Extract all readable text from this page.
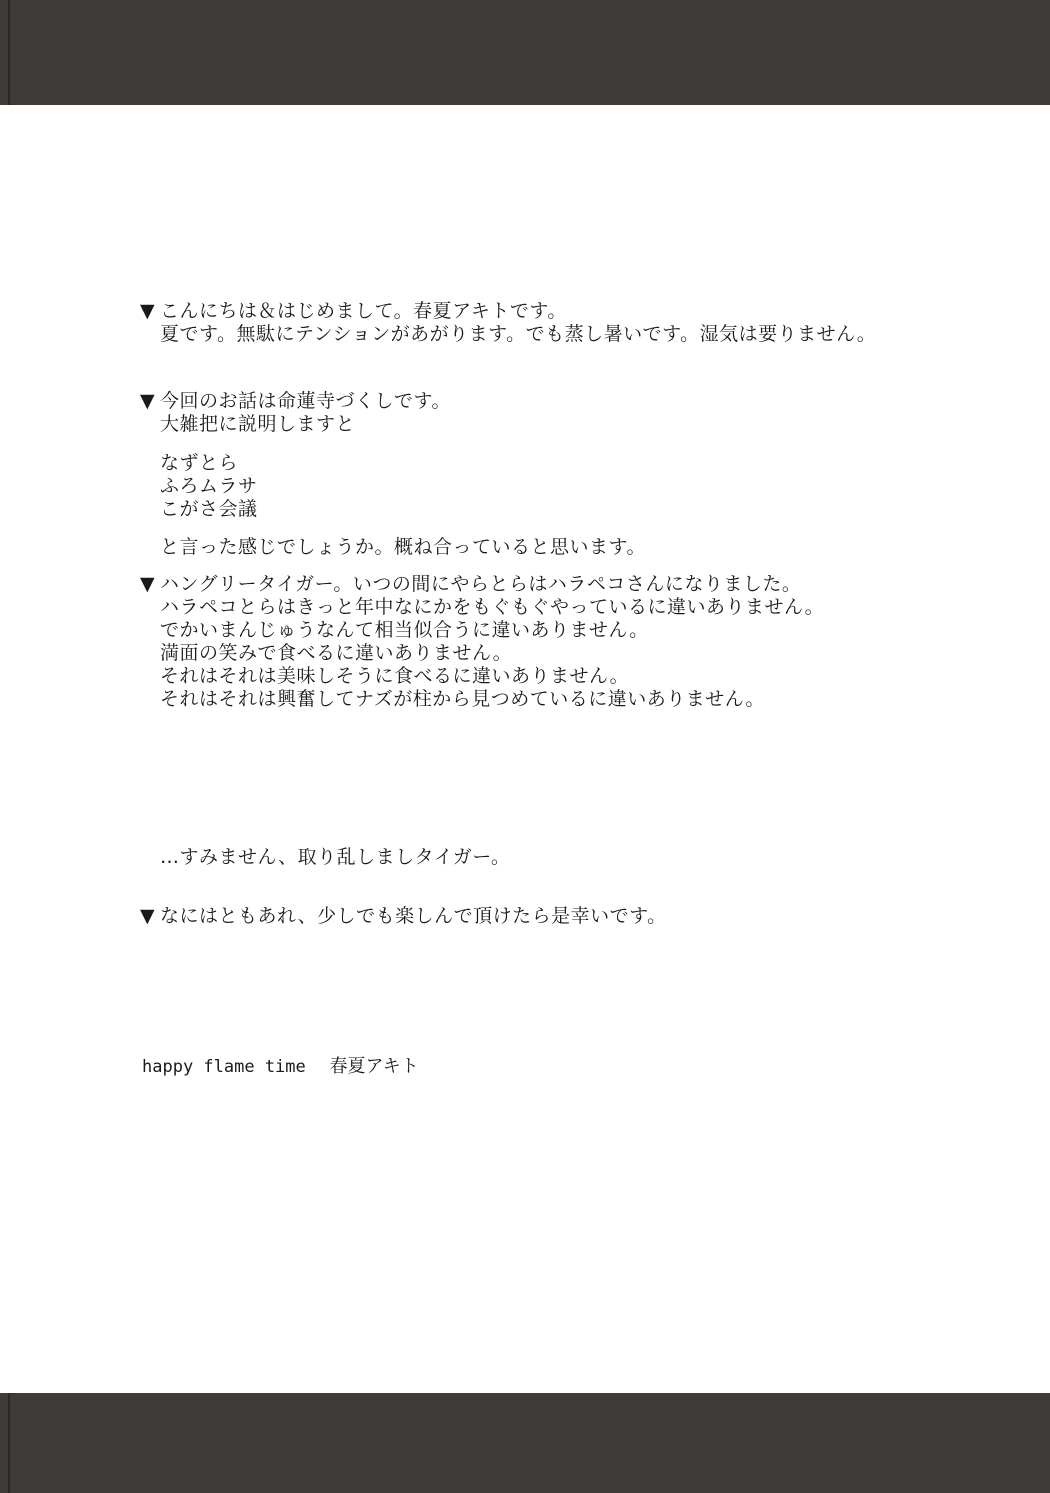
▼ こんにちは＆はじめまして。春夏アキトです。
夏です。無駄にテンションがあがります。でも蒸し暑いです。湿気は要りません。
▼ 今回のお話は命蓮寺づくしです。
大雑把に説明しますと
なずとら
ふろムラサ
こがさ会議
と言った感じでしょうか。概ね合っていると思います。
▼ ハングリータイガー。いつの間にやらとらはハラペコさんになりました。
ハラペコとらはきっと年中なにかをもぐもぐやっているに違いありません。
でかいまんじゅうなんて相当似合うに違いありません。
満面の笑みで食べるに違いありません。
それはそれは美味しそうに食べるに違いありません。
それはそれは興奮してナズが柱から見つめているに違いありません。
…すみません、取り乱しましタイガー。
▼ なにはともあれ、少しでも楽しんで頂けたら是幸いです。
happy flame time 春夏アキト
